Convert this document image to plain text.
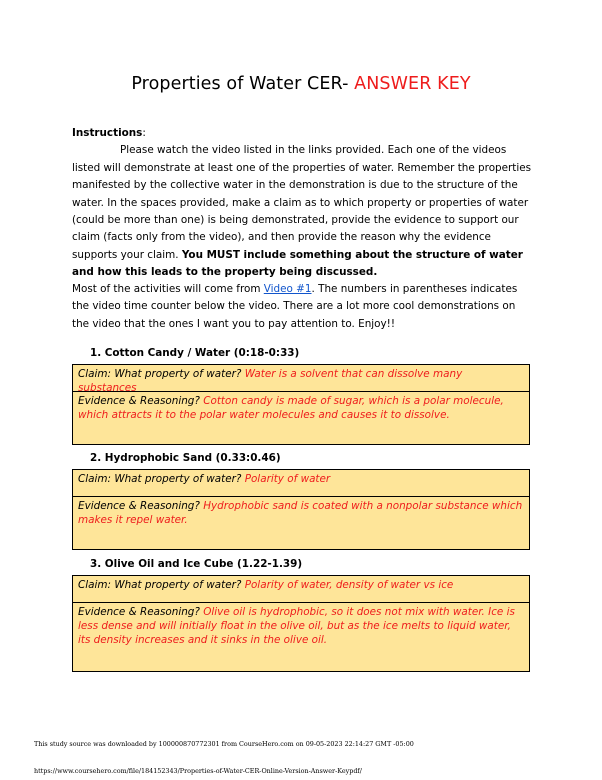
Properties of Water CER- ANSWER KEY
Instructions:

Please watch the video listed in the links provided. Each one of the videos listed will demonstrate at least one of the properties of water. Remember the properties manifested by the collective water in the demonstration is due to the structure of the water. In the spaces provided, make a claim as to which property or properties of water (could be more than one) is being demonstrated, provide the evidence to support our claim (facts only from the video), and then provide the reason why the evidence supports your claim. You MUST include something about the structure of water and how this leads to the property being discussed.

Most of the activities will come from Video #1. The numbers in parentheses indicates the video time counter below the video. There are a lot more cool demonstrations on the video that the ones I want you to pay attention to. Enjoy!!

1. Cotton Candy / Water (0:18-0:33)
Claim: What property of water? Water is a solvent that can dissolve many substances
Evidence & Reasoning? Cotton candy is made of sugar, which is a polar molecule, which attracts it to the polar water molecules and causes it to dissolve.
2. Hydrophobic Sand (0.33:0.46)
Claim: What property of water? Polarity of water
Evidence & Reasoning? Hydrophobic sand is coated with a nonpolar substance which makes it repel water.
3. Olive Oil and Ice Cube (1.22-1.39)
Claim: What property of water? Polarity of water, density of water vs ice
Evidence & Reasoning? Olive oil is hydrophobic, so it does not mix with water. Ice is less dense and will initially float in the olive oil, but as the ice melts to liquid water, its density increases and it sinks in the olive oil.
This study source was downloaded by 100000870772301 from CourseHero.com on 09-05-2023 22:14:27 GMT -05:00
https://www.coursehero.com/file/184152343/Properties-of-Water-CER-Online-Version-Answer-Keypdf/
